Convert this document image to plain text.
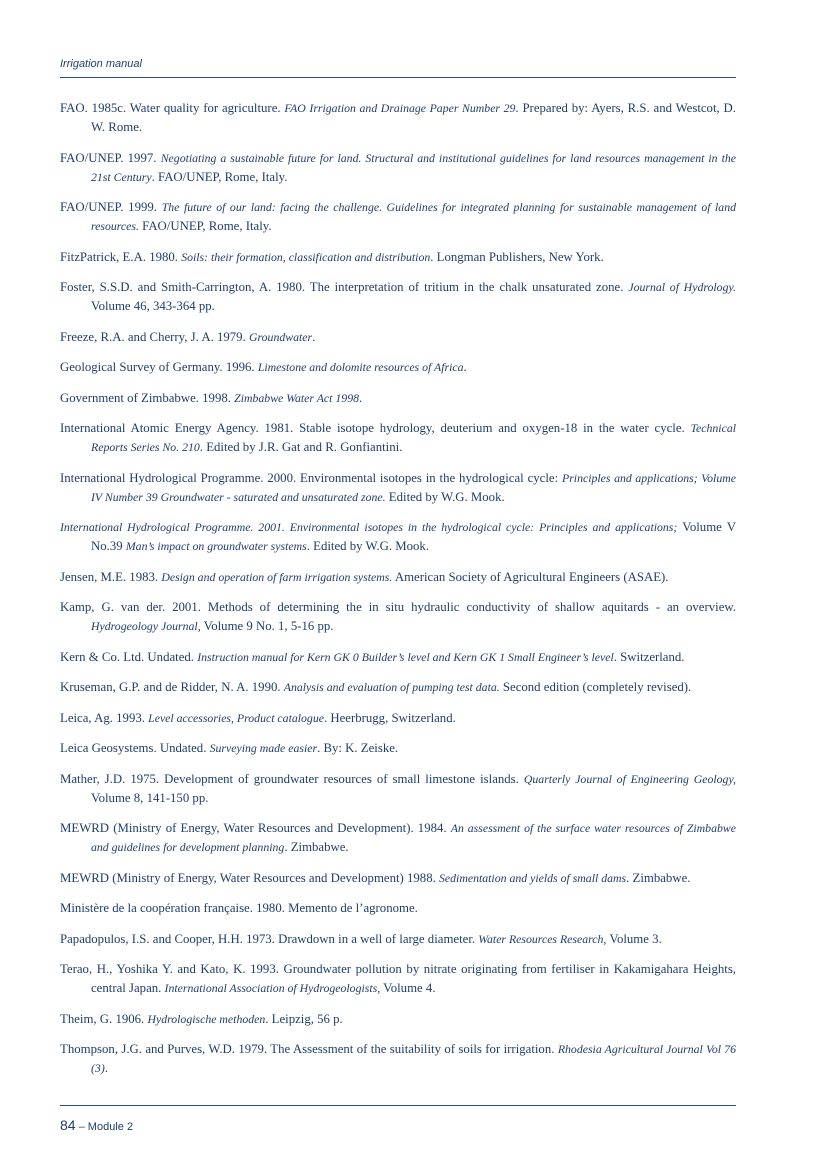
Irrigation manual

FAO. 1985c. Water quality for agriculture. FAO Irrigation and Drainage Paper Number 29. Prepared by: Ayers, R.S. and Westcot, D. W. Rome.

FAO/UNEP. 1997. Negotiating a sustainable future for land. Structural and institutional guidelines for land resources management in the 21st Century. FAO/UNEP, Rome, Italy.

FAO/UNEP. 1999. The future of our land: facing the challenge. Guidelines for integrated planning for sustainable management of land resources. FAO/UNEP, Rome, Italy.

FitzPatrick, E.A. 1980. Soils: their formation, classification and distribution. Longman Publishers, New York.

Foster, S.S.D. and Smith-Carrington, A. 1980. The interpretation of tritium in the chalk unsaturated zone. Journal of Hydrology. Volume 46, 343-364 pp.

Freeze, R.A. and Cherry, J. A. 1979. Groundwater.

Geological Survey of Germany. 1996. Limestone and dolomite resources of Africa.

Government of Zimbabwe. 1998. Zimbabwe Water Act 1998.

International Atomic Energy Agency. 1981. Stable isotope hydrology, deuterium and oxygen-18 in the water cycle. Technical Reports Series No. 210. Edited by J.R. Gat and R. Gonfiantini.

International Hydrological Programme. 2000. Environmental isotopes in the hydrological cycle: Principles and applications; Volume IV Number 39 Groundwater - saturated and unsaturated zone. Edited by W.G. Mook.

International Hydrological Programme. 2001. Environmental isotopes in the hydrological cycle: Principles and applications; Volume V No.39 Man’s impact on groundwater systems. Edited by W.G. Mook.

Jensen, M.E. 1983. Design and operation of farm irrigation systems. American Society of Agricultural Engineers (ASAE).

Kamp, G. van der. 2001. Methods of determining the in situ hydraulic conductivity of shallow aquitards - an overview. Hydrogeology Journal, Volume 9 No. 1, 5-16 pp.

Kern & Co. Ltd. Undated. Instruction manual for Kern GK 0 Builder’s level and Kern GK 1 Small Engineer’s level. Switzerland.

Kruseman, G.P. and de Ridder, N. A. 1990. Analysis and evaluation of pumping test data. Second edition (completely revised).

Leica, Ag. 1993. Level accessories, Product catalogue. Heerbrugg, Switzerland.

Leica Geosystems. Undated. Surveying made easier. By: K. Zeiske.

Mather, J.D. 1975. Development of groundwater resources of small limestone islands. Quarterly Journal of Engineering Geology, Volume 8, 141-150 pp.

MEWRD (Ministry of Energy, Water Resources and Development). 1984. An assessment of the surface water resources of Zimbabwe and guidelines for development planning. Zimbabwe.

MEWRD (Ministry of Energy, Water Resources and Development) 1988. Sedimentation and yields of small dams. Zimbabwe.

Ministère de la coopération française. 1980. Memento de l’agronome.

Papadopulos, I.S. and Cooper, H.H. 1973. Drawdown in a well of large diameter. Water Resources Research, Volume 3.

Terao, H., Yoshika Y. and Kato, K. 1993. Groundwater pollution by nitrate originating from fertiliser in Kakamigahara Heights, central Japan. International Association of Hydrogeologists, Volume 4.

Theim, G. 1906. Hydrologische methoden. Leipzig, 56 p.

Thompson, J.G. and Purves, W.D. 1979. The Assessment of the suitability of soils for irrigation. Rhodesia Agricultural Journal Vol 76 (3).

84 – Module 2
